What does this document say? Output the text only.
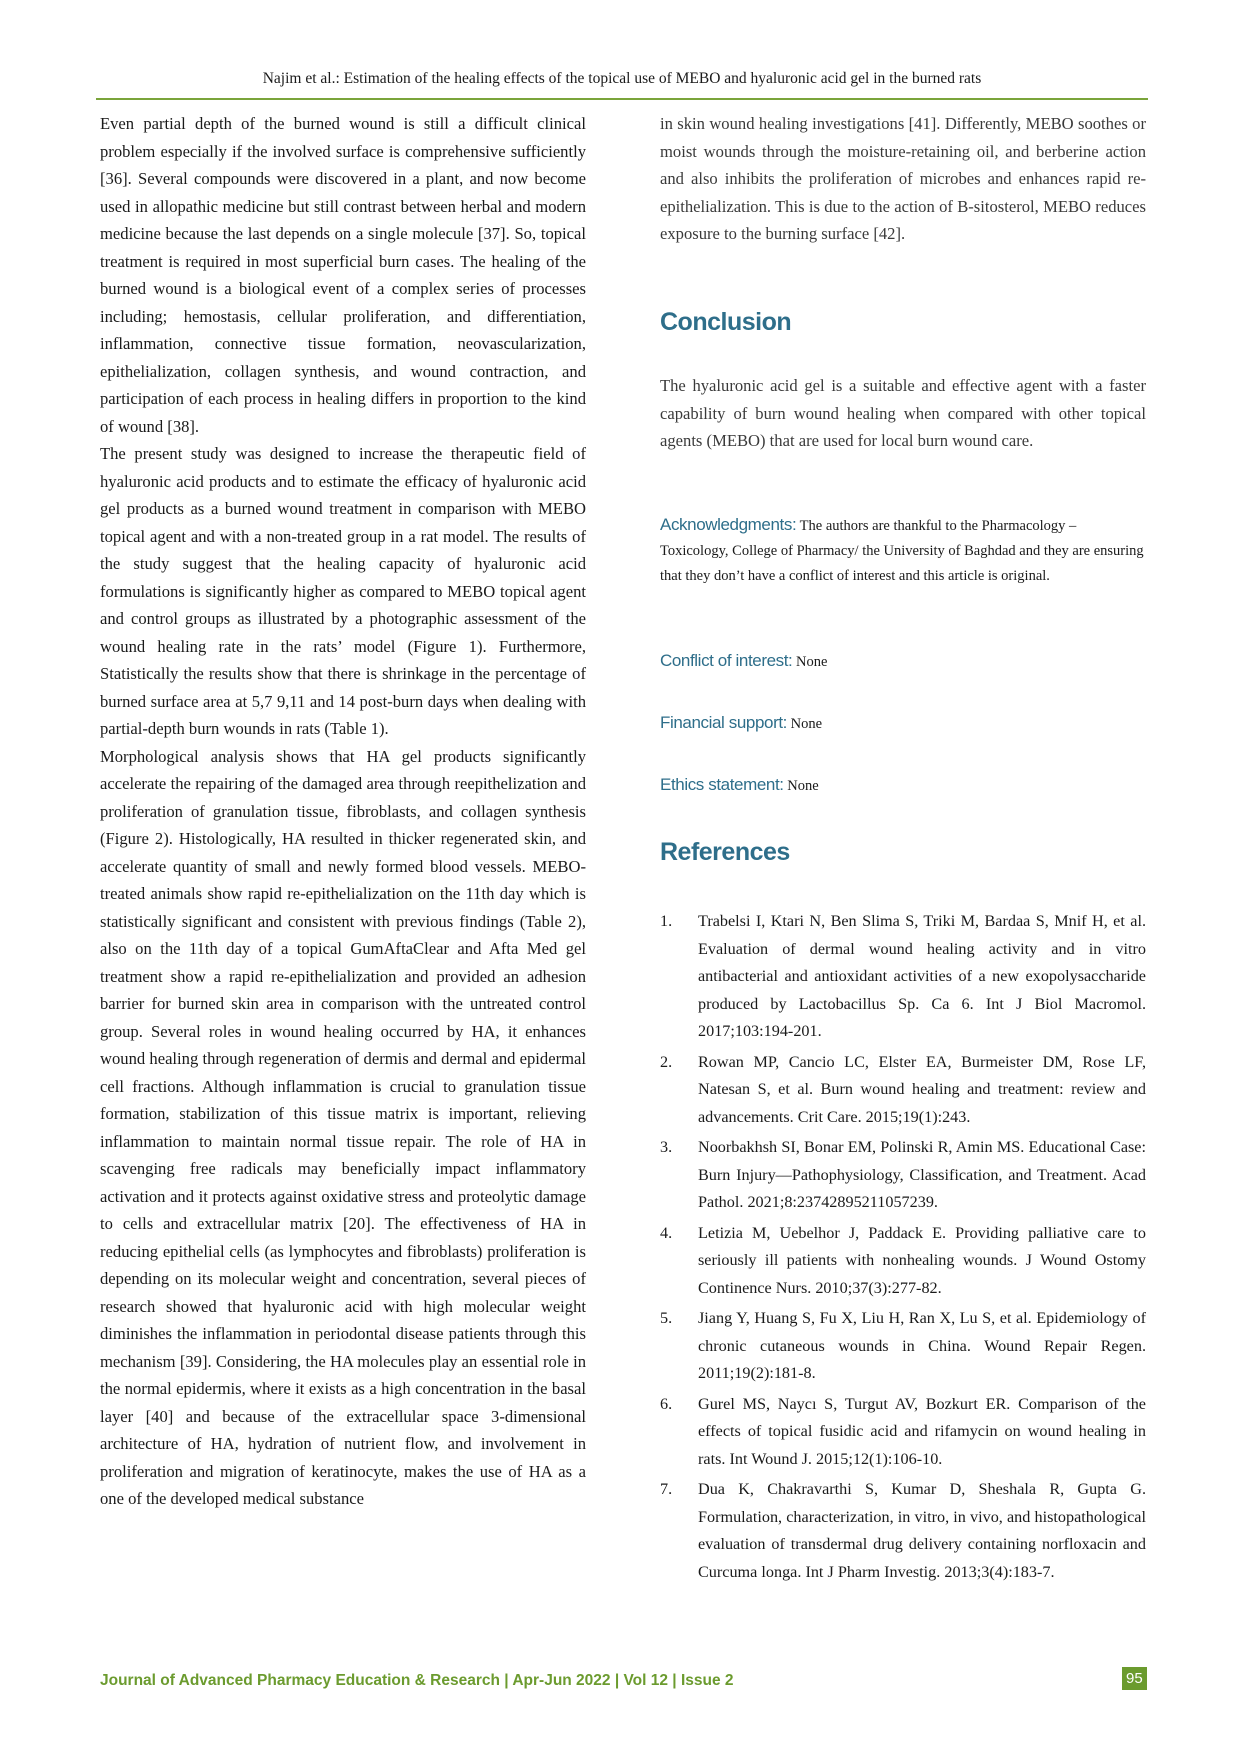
Najim et al.: Estimation of the healing effects of the topical use of MEBO and hyaluronic acid gel in the burned rats

Even partial depth of the burned wound is still a difficult clinical problem especially if the involved surface is comprehensive sufficiently [36]. Several compounds were discovered in a plant, and now become used in allopathic medicine but still contrast between herbal and modern medicine because the last depends on a single molecule [37]. So, topical treatment is required in most superficial burn cases. The healing of the burned wound is a biological event of a complex series of processes including; hemostasis, cellular proliferation, and differentiation, inflammation, connective tissue formation, neovascularization, epithelialization, collagen synthesis, and wound contraction, and participation of each process in healing differs in proportion to the kind of wound [38].

The present study was designed to increase the therapeutic field of hyaluronic acid products and to estimate the efficacy of hyaluronic acid gel products as a burned wound treatment in comparison with MEBO topical agent and with a non-treated group in a rat model. The results of the study suggest that the healing capacity of hyaluronic acid formulations is significantly higher as compared to MEBO topical agent and control groups as illustrated by a photographic assessment of the wound healing rate in the rats’ model (Figure 1). Furthermore, Statistically the results show that there is shrinkage in the percentage of burned surface area at 5,7 9,11 and 14 post-burn days when dealing with partial-depth burn wounds in rats (Table 1).

Morphological analysis shows that HA gel products significantly accelerate the repairing of the damaged area through reepithelization and proliferation of granulation tissue, fibroblasts, and collagen synthesis (Figure 2). Histologically, HA resulted in thicker regenerated skin, and accelerate quantity of small and newly formed blood vessels. MEBO-treated animals show rapid re-epithelialization on the 11th day which is statistically significant and consistent with previous findings (Table 2), also on the 11th day of a topical GumAftaClear and Afta Med gel treatment show a rapid re-epithelialization and provided an adhesion barrier for burned skin area in comparison with the untreated control group. Several roles in wound healing occurred by HA, it enhances wound healing through regeneration of dermis and dermal and epidermal cell fractions. Although inflammation is crucial to granulation tissue formation, stabilization of this tissue matrix is important, relieving inflammation to maintain normal tissue repair. The role of HA in scavenging free radicals may beneficially impact inflammatory activation and it protects against oxidative stress and proteolytic damage to cells and extracellular matrix [20]. The effectiveness of HA in reducing epithelial cells (as lymphocytes and fibroblasts) proliferation is depending on its molecular weight and concentration, several pieces of research showed that hyaluronic acid with high molecular weight diminishes the inflammation in periodontal disease patients through this mechanism [39]. Considering, the HA molecules play an essential role in the normal epidermis, where it exists as a high concentration in the basal layer [40] and because of the extracellular space 3-dimensional architecture of HA, hydration of nutrient flow, and involvement in proliferation and migration of keratinocyte, makes the use of HA as a one of the developed medical substance

in skin wound healing investigations [41]. Differently, MEBO soothes or moist wounds through the moisture-retaining oil, and berberine action and also inhibits the proliferation of microbes and enhances rapid re-epithelialization. This is due to the action of B-sitosterol, MEBO reduces exposure to the burning surface [42].

Conclusion

The hyaluronic acid gel is a suitable and effective agent with a faster capability of burn wound healing when compared with other topical agents (MEBO) that are used for local burn wound care.

Acknowledgments: The authors are thankful to the Pharmacology – Toxicology, College of Pharmacy/ the University of Baghdad and they are ensuring that they don’t have a conflict of interest and this article is original.
Conflict of interest: None
Financial support: None
Ethics statement: None
References
1. Trabelsi I, Ktari N, Ben Slima S, Triki M, Bardaa S, Mnif H, et al. Evaluation of dermal wound healing activity and in vitro antibacterial and antioxidant activities of a new exopolysaccharide produced by Lactobacillus Sp. Ca 6. Int J Biol Macromol. 2017;103:194-201.
2. Rowan MP, Cancio LC, Elster EA, Burmeister DM, Rose LF, Natesan S, et al. Burn wound healing and treatment: review and advancements. Crit Care. 2015;19(1):243.
3. Noorbakhsh SI, Bonar EM, Polinski R, Amin MS. Educational Case: Burn Injury—Pathophysiology, Classification, and Treatment. Acad Pathol. 2021;8:23742895211057239.
4. Letizia M, Uebelhor J, Paddack E. Providing palliative care to seriously ill patients with nonhealing wounds. J Wound Ostomy Continence Nurs. 2010;37(3):277-82.
5. Jiang Y, Huang S, Fu X, Liu H, Ran X, Lu S, et al. Epidemiology of chronic cutaneous wounds in China. Wound Repair Regen. 2011;19(2):181-8.
6. Gurel MS, Naycı S, Turgut AV, Bozkurt ER. Comparison of the effects of topical fusidic acid and rifamycin on wound healing in rats. Int Wound J. 2015;12(1):106-10.
7. Dua K, Chakravarthi S, Kumar D, Sheshala R, Gupta G. Formulation, characterization, in vitro, in vivo, and histopathological evaluation of transdermal drug delivery containing norfloxacin and Curcuma longa. Int J Pharm Investig. 2013;3(4):183-7.
Journal of Advanced Pharmacy Education & Research | Apr-Jun 2022 | Vol 12 | Issue 2	95
